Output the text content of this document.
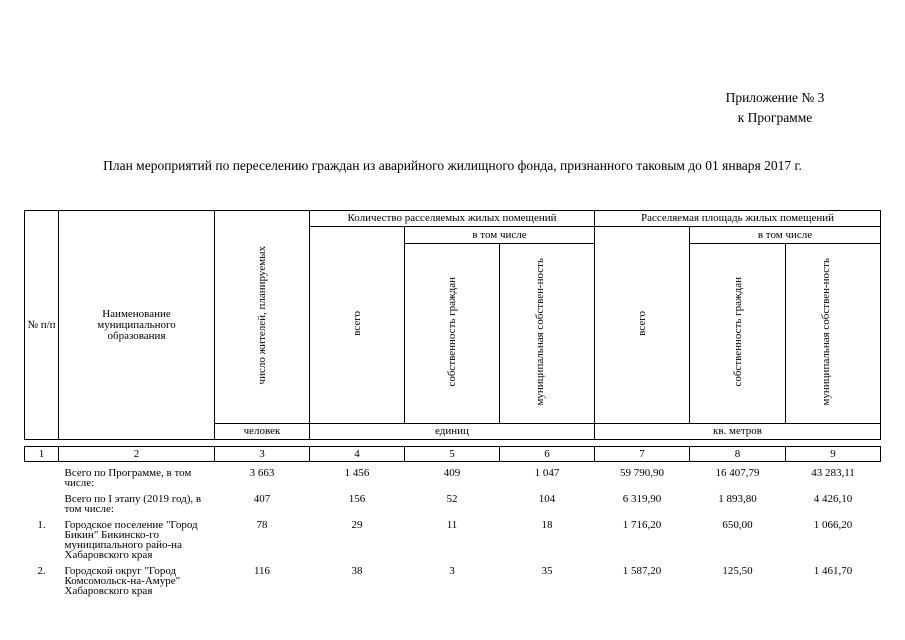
Приложение № 3
к Программе
План мероприятий по переселению граждан из аварийного жилищного фонда, признанного таковым до 01 января 2017 г.
№ п/п	Наименование муниципального образования	число жителей, планируемых	Количество расселяемых жилых помещений			Расселяемая площадь жилых помещений		
			всего	в том числе		всего	в том числе	
				собственность граждан	муниципальная собствен-ность		собственность граждан	муниципальная собствен-ность
		человек	единиц			кв. метров		

1	2	3	4	5	6	7	8	9

	Всего по Программе, в том числе:	3 663	1 456	409	1 047	59 790,90	16 407,79	43 283,11
	Всего по I этапу (2019 год), в том числе:	407	156	52	104	6 319,90	1 893,80	4 426,10
1.	Городское поселение "Город Бикин" Бикинско-го муниципального райо-на Хабаровского края	78	29	11	18	1 716,20	650,00	1 066,20
2.	Городской округ "Город Комсомольск-на-Амуре" Хабаровского края	116	38	3	35	1 587,20	125,50	1 461,70
